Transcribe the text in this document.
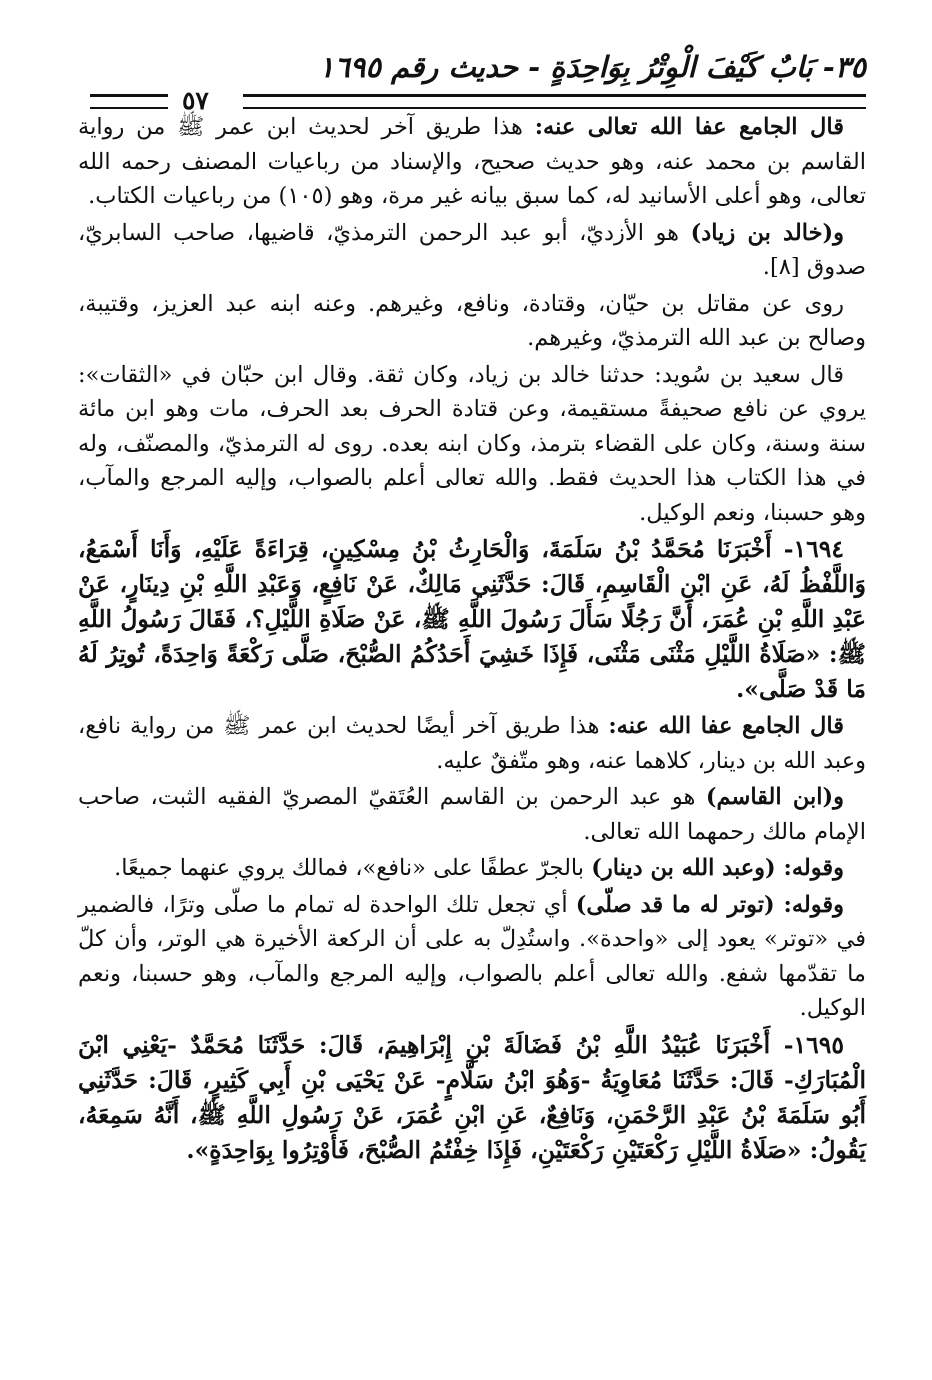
٣٥- بَابٌ كَيْفَ الْوِتْرُ بِوَاحِدَةٍ - حديث رقم ١٦٩٥
٥٧

قال الجامع عفا الله تعالى عنه: هذا طريق آخر لحديث ابن عمر ﷺ من رواية القاسم بن محمد عنه، وهو حديث صحيح، والإسناد من رباعيات المصنف رحمه الله تعالى، وهو أعلى الأسانيد له، كما سبق بيانه غير مرة، وهو (١٠٥) من رباعيات الكتاب.

و(خالد بن زياد) هو الأزديّ، أبو عبد الرحمن الترمذيّ، قاضيها، صاحب السابريّ، صدوق [٨].

روى عن مقاتل بن حيّان، وقتادة، ونافع، وغيرهم. وعنه ابنه عبد العزيز، وقتيبة، وصالح بن عبد الله الترمذيّ، وغيرهم.

قال سعيد بن سُويد: حدثنا خالد بن زياد، وكان ثقة. وقال ابن حبّان في «الثقات»: يروي عن نافع صحيفةً مستقيمة، وعن قتادة الحرف بعد الحرف، مات وهو ابن مائة سنة وسنة، وكان على القضاء بترمذ، وكان ابنه بعده. روى له الترمذيّ، والمصنّف، وله في هذا الكتاب هذا الحديث فقط. والله تعالى أعلم بالصواب، وإليه المرجع والمآب، وهو حسبنا، ونعم الوكيل.

١٦٩٤- أَخْبَرَنَا مُحَمَّدُ بْنُ سَلَمَةَ، وَالْحَارِثُ بْنُ مِسْكِينٍ، قِرَاءَةً عَلَيْهِ، وَأَنَا أَسْمَعُ، وَاللَّفْظُ لَهُ، عَنِ ابْنِ الْقَاسِمِ، قَالَ: حَدَّثَنِي مَالِكٌ، عَنْ نَافِعٍ، وَعَبْدِ اللَّهِ بْنِ دِينَارٍ، عَنْ عَبْدِ اللَّهِ بْنِ عُمَرَ، أَنَّ رَجُلًا سَأَلَ رَسُولَ اللَّهِ ﷺ، عَنْ صَلَاةِ اللَّيْلِ؟، فَقَالَ رَسُولُ اللَّهِ ﷺ: «صَلَاةُ اللَّيْلِ مَثْنَى مَثْنَى، فَإِذَا خَشِيَ أَحَدُكُمُ الصُّبْحَ، صَلَّى رَكْعَةً وَاحِدَةً، تُوتِرُ لَهُ مَا قَدْ صَلَّى».

قال الجامع عفا الله عنه: هذا طريق آخر أيضًا لحديث ابن عمر ﷺ من رواية نافع، وعبد الله بن دينار، كلاهما عنه، وهو متّفقٌ عليه.

و(ابن القاسم) هو عبد الرحمن بن القاسم العُتَقيّ المصريّ الفقيه الثبت، صاحب الإمام مالك رحمهما الله تعالى.

وقوله: (وعبد الله بن دينار) بالجرّ عطفًا على «نافع»، فمالك يروي عنهما جميعًا.

وقوله: (توتر له ما قد صلّى) أي تجعل تلك الواحدة له تمام ما صلّى وترًا، فالضمير في «توتر» يعود إلى «واحدة». واستُدِلّ به على أن الركعة الأخيرة هي الوتر، وأن كلّ ما تقدّمها شفع. والله تعالى أعلم بالصواب، وإليه المرجع والمآب، وهو حسبنا، ونعم الوكيل.

١٦٩٥- أَخْبَرَنَا عُبَيْدُ اللَّهِ بْنُ فَضَالَةَ بْنِ إِبْرَاهِيمَ، قَالَ: حَدَّثَنَا مُحَمَّدٌ -يَعْنِي ابْنَ الْمُبَارَكِ- قَالَ: حَدَّثَنَا مُعَاوِيَةُ -وَهُوَ ابْنُ سَلَّامٍ- عَنْ يَحْيَى بْنِ أَبِي كَثِيرٍ، قَالَ: حَدَّثَنِي أَبُو سَلَمَةَ بْنُ عَبْدِ الرَّحْمَنِ، وَنَافِعٌ، عَنِ ابْنِ عُمَرَ، عَنْ رَسُولِ اللَّهِ ﷺ، أَنَّهُ سَمِعَهُ، يَقُولُ: «صَلَاةُ اللَّيْلِ رَكْعَتَيْنِ رَكْعَتَيْنِ، فَإِذَا خِفْتُمُ الصُّبْحَ، فَأَوْتِرُوا بِوَاحِدَةٍ».
